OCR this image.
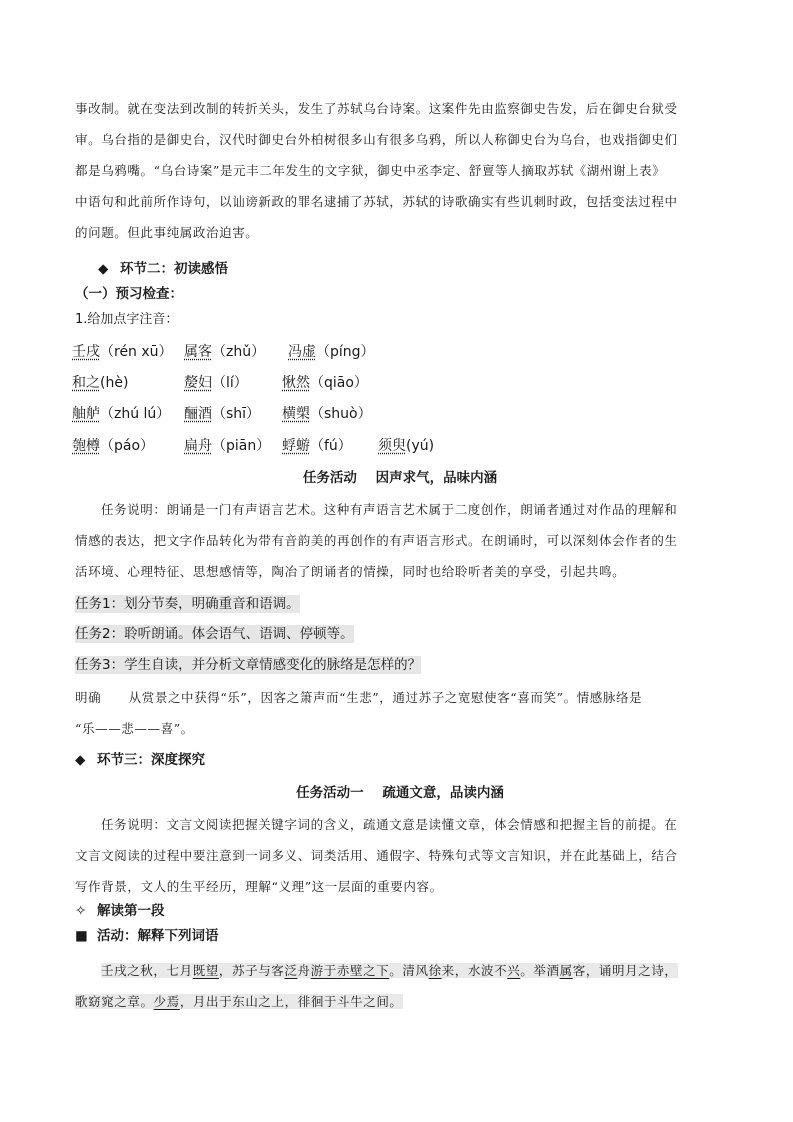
事改制。就在变法到改制的转折关头，发生了苏轼乌台诗案。这案件先由监察御史告发，后在御史台狱受
审。乌台指的是御史台，汉代时御史台外柏树很多山有很多乌鸦，所以人称御史台为乌台，也戏指御史们
都是乌鸦嘴。“乌台诗案”是元丰二年发生的文字狱，御史中丞李定、舒亶等人摘取苏轼《湖州谢上表》
中语句和此前所作诗句，以讪谤新政的罪名逮捕了苏轼，苏轼的诗歌确实有些讥刺时政，包括变法过程中
的问题。但此事纯属政治迫害。
◆ 环节二：初读感悟
（一）预习检查：
1.给加点字注音：
壬戌（rén xū） 属客（zhǔ） 冯虚（píng）
和之(hè)	嫠妇（lí） 愀然（qiāo）
舳舻（zhú lú） 酾酒（shī） 横槊（shuò）
匏樽（páo） 扁舟（piān） 蜉蝣（fú） 须臾(yú)
任务活动    因声求气，品味内涵
任务说明：朗诵是一门有声语言艺术。这种有声语言艺术属于二度创作，朗诵者通过对作品的理解和
情感的表达，把文字作品转化为带有音韵美的再创作的有声语言形式。在朗诵时，可以深刻体会作者的生
活环境、心理特征、思想感情等，陶冶了朗诵者的情操，同时也给聆听者美的享受，引起共鸣。
任务1：划分节奏，明确重音和语调。
任务2：聆听朗诵。体会语气、语调、停顿等。
任务3：学生自读，并分析文章情感变化的脉络是怎样的？
明确      从赏景之中获得“乐”，因客之箫声而“生悲”，通过苏子之宽慰使客“喜而笑”。情感脉络是
“乐——悲——喜”。
◆ 环节三：深度探究
任务活动一    疏通文意，品读内涵
任务说明：文言文阅读把握关键字词的含义，疏通文意是读懂文章，体会情感和把握主旨的前提。在
文言文阅读的过程中要注意到一词多义、词类活用、通假字、特殊句式等文言知识，并在此基础上，结合
写作背景，文人的生平经历，理解“义理”这一层面的重要内容。
✧ 解读第一段
■ 活动：解释下列词语
壬戌之秋，七月既望，苏子与客泛舟游于赤壁之下。清风徐来，水波不兴。举酒属客，诵明月之诗，
歌窈窕之章。少焉，月出于东山之上，徘徊于斗牛之间。
